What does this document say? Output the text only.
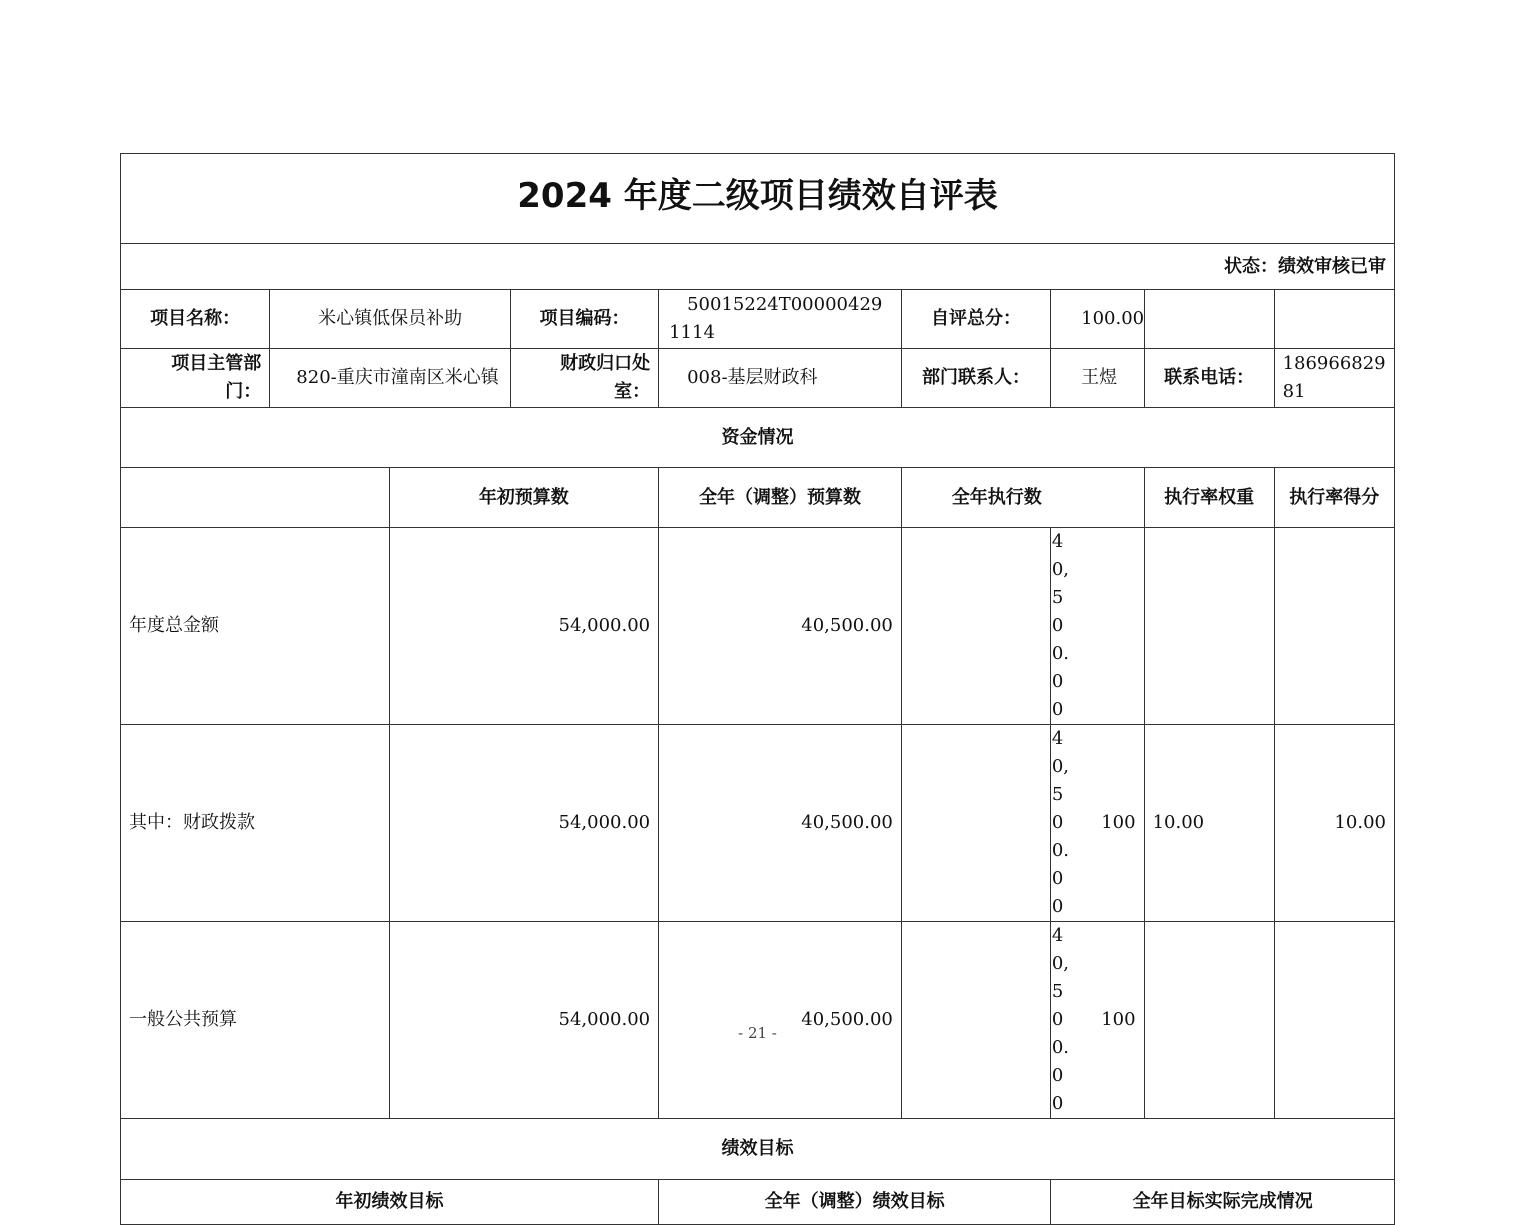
2024 年度二级项目绩效自评表								
状态：绩效审核已审								
项目名称：	米心镇低保员补助		项目编码：	50015224T000004291114	自评总分：	100.00		
项目主管部门：	820-重庆市潼南区米心镇		财政归口处室：	008-基层财政科	部门联系人：	王煜	联系电话：	18696682981
资金情况								
		年初预算数		全年（调整）预算数	全年执行数		执行率权重	执行率得分
年度总金额		54,000.00		40,500.00	40,500.00			
其中：财政拨款		54,000.00		40,500.00	40,500.00	100	10.00	10.00
一般公共预算		54,000.00		40,500.00	40,500.00	100		
绩效目标								
年初绩效目标				全年（调整）绩效目标		全年目标实际完成情况		
- 21 -
